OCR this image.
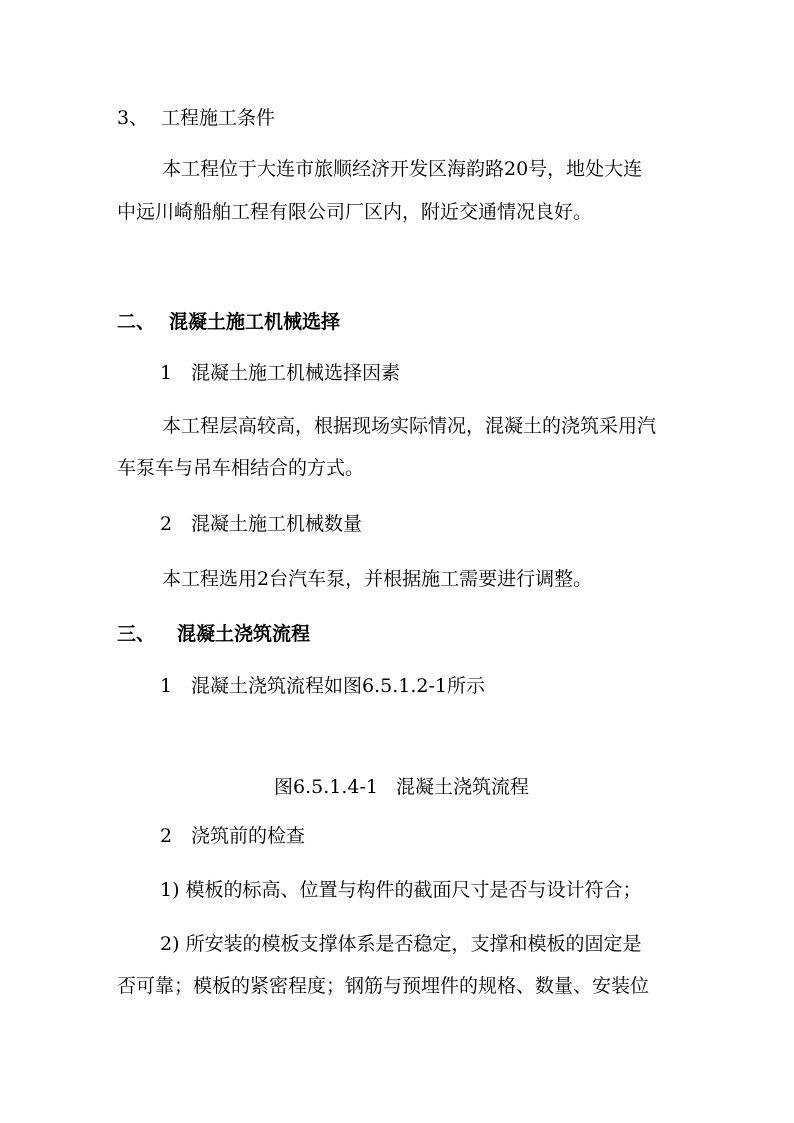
3、 工程施工条件
本工程位于大连市旅顺经济开发区海韵路20号，地处大连
中远川崎船舶工程有限公司厂区内，附近交通情况良好。
二、 混凝土施工机械选择
1 混凝土施工机械选择因素
本工程层高较高，根据现场实际情况，混凝土的浇筑采用汽
车泵车与吊车相结合的方式。
2 混凝土施工机械数量
本工程选用2台汽车泵，并根据施工需要进行调整。
三、 混凝土浇筑流程
1 混凝土浇筑流程如图6.5.1.2-1所示
图6.5.1.4-1 混凝土浇筑流程
2 浇筑前的检查
1) 模板的标高、位置与构件的截面尺寸是否与设计符合；
2) 所安装的模板支撑体系是否稳定，支撑和模板的固定是
否可靠；模板的紧密程度；钢筋与预埋件的规格、数量、安装位
